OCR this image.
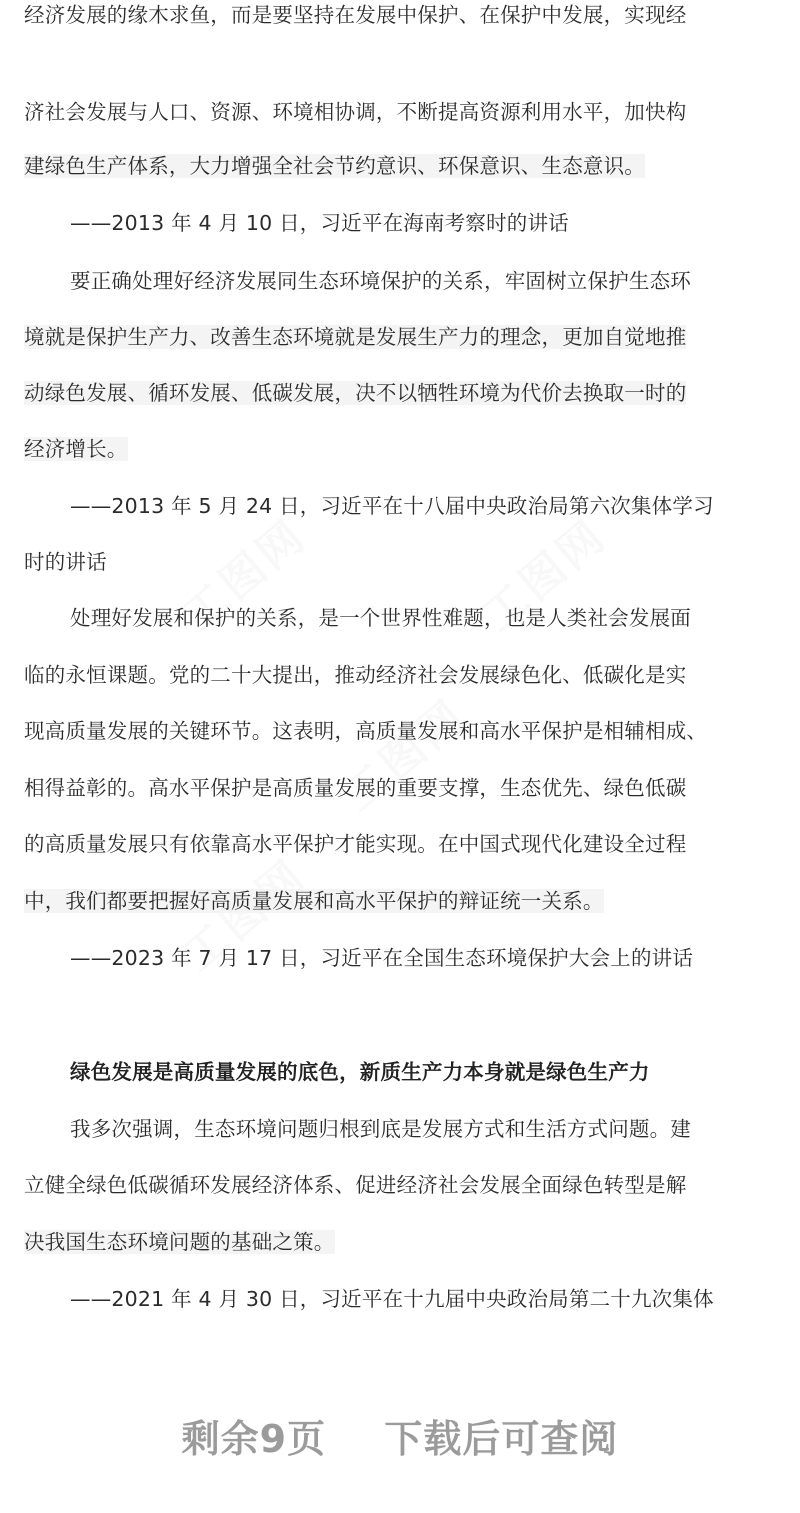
工图网	工图网
工图网
工图网
经济发展的缘木求鱼，而是要坚持在发展中保护、在保护中发展，实现经
济社会发展与人口、资源、环境相协调，不断提高资源利用水平，加快构
建绿色生产体系，大力增强全社会节约意识、环保意识、生态意识。
——2013 年 4 月 10 日，习近平在海南考察时的讲话
要正确处理好经济发展同生态环境保护的关系，牢固树立保护生态环
境就是保护生产力、改善生态环境就是发展生产力的理念，更加自觉地推
动绿色发展、循环发展、低碳发展，决不以牺牲环境为代价去换取一时的
经济增长。
——2013 年 5 月 24 日，习近平在十八届中央政治局第六次集体学习
时的讲话
处理好发展和保护的关系，是一个世界性难题，也是人类社会发展面
临的永恒课题。党的二十大提出，推动经济社会发展绿色化、低碳化是实
现高质量发展的关键环节。这表明，高质量发展和高水平保护是相辅相成、
相得益彰的。高水平保护是高质量发展的重要支撑，生态优先、绿色低碳
的高质量发展只有依靠高水平保护才能实现。在中国式现代化建设全过程
中，我们都要把握好高质量发展和高水平保护的辩证统一关系。
——2023 年 7 月 17 日，习近平在全国生态环境保护大会上的讲话
绿色发展是高质量发展的底色，新质生产力本身就是绿色生产力
我多次强调，生态环境问题归根到底是发展方式和生活方式问题。建
立健全绿色低碳循环发展经济体系、促进经济社会发展全面绿色转型是解
决我国生态环境问题的基础之策。
——2021 年 4 月 30 日，习近平在十九届中央政治局第二十九次集体
剩余9页 下载后可查阅
